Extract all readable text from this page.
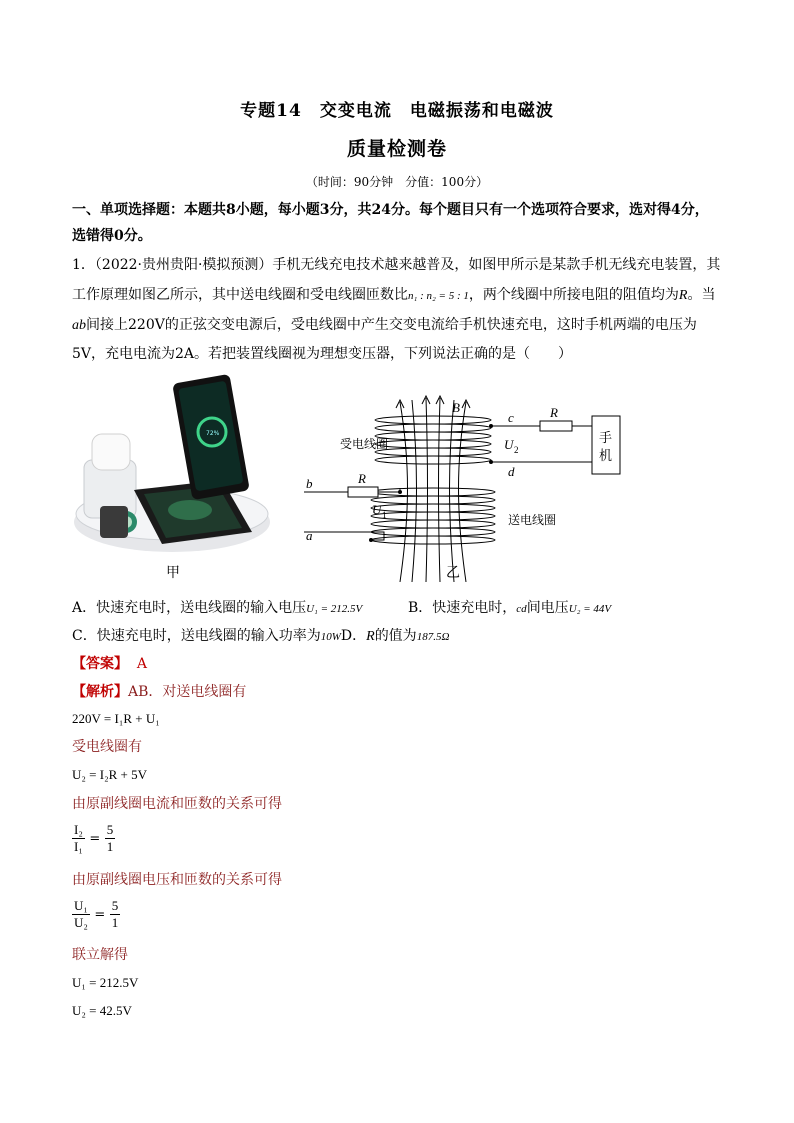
专题14　交变电流　电磁振荡和电磁波
质量检测卷
（时间：90分钟　分值：100分）
一、单项选择题：本题共8小题，每小题3分，共24分。每个题目只有一个选项符合要求，选对得4分，
选错得0分。
1．（2022·贵州贵阳·模拟预测）手机无线充电技术越来越普及，如图甲所示是某款手机无线充电装置，其
工作原理如图乙所示，其中送电线圈和受电线圈匝数比n₁ : n₂ = 5 : 1，两个线圈中所接电阻的阻值均为R。当
ab间接上220V的正弦交变电源后，受电线圈中产生交变电流给手机快速充电，这时手机两端的电压为
5V，充电电流为2A。若把装置线圈视为理想变压器，下列说法正确的是（　　）
72%
甲
B
c
d
R
U 2
R
U 1
b
a
受电线圈
送电线圈
手机
乙
A．快速充电时，送电线圈的输入电压U₁ = 212.5V	B．快速充电时，cd间电压U₂ = 44V
C．快速充电时，送电线圈的输入功率为10WD．R的值为187.5Ω
【答案】 A
【解析】AB．对送电线圈有
220V = I₁R + U₁
受电线圈有
U₂ = I₂R + 5V
由原副线圈电流和匝数的关系可得
$\frac{\text{I₂}}{\text{I₁}} = \frac{5}{1}$
由原副线圈电压和匝数的关系可得
$\frac{\text{U₁}}{\text{U₂}} = \frac{5}{1}$
联立解得
U₁ = 212.5V
U₂ = 42.5V
